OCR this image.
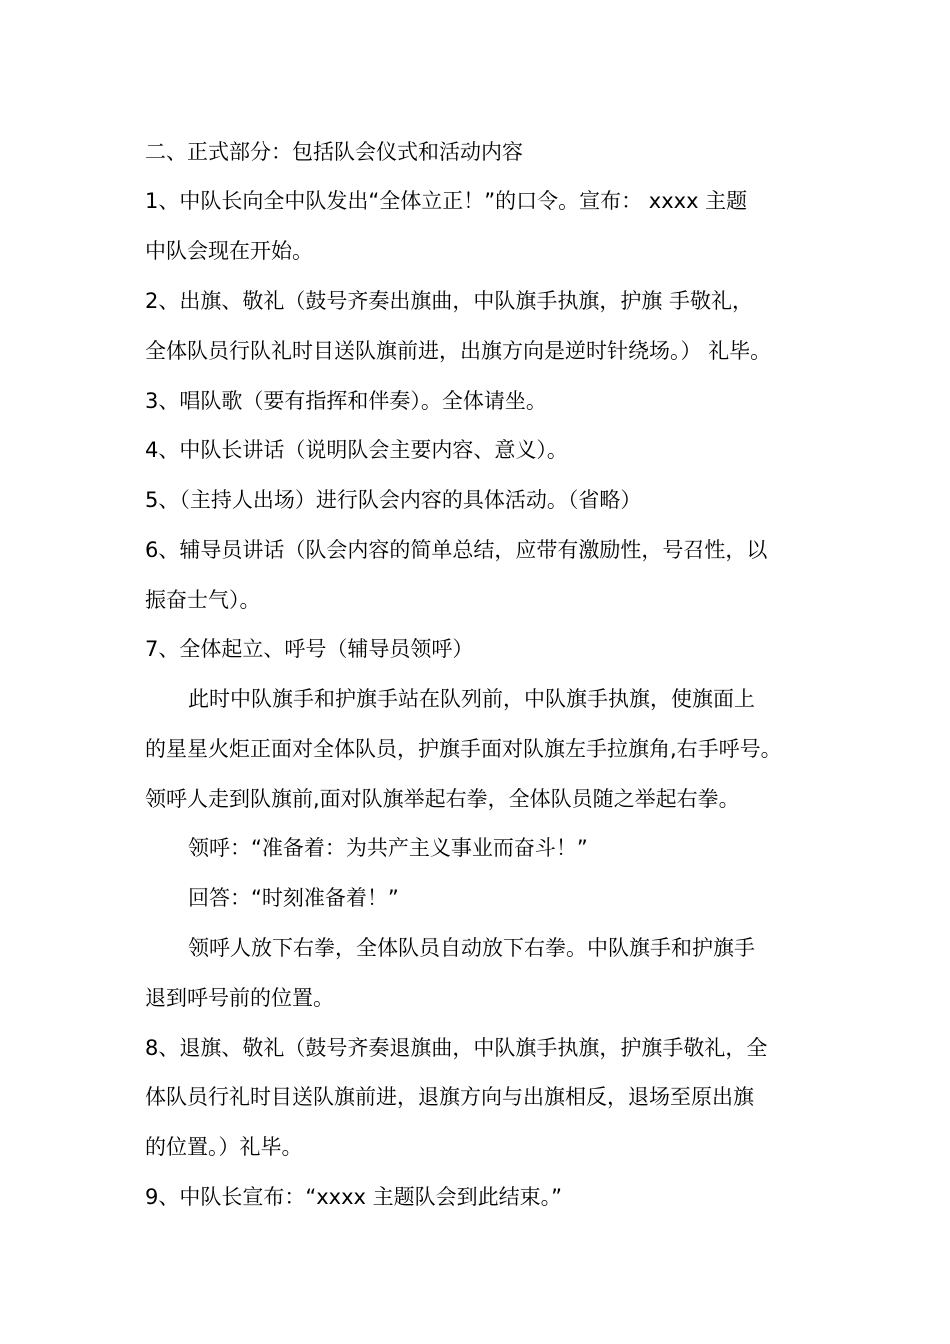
二、正式部分：包括队会仪式和活动内容
1、中队长向全中队发出“全体立正！”的口令。宣布： xxxx 主题
中队会现在开始。
2、出旗、敬礼（鼓号齐奏出旗曲，中队旗手执旗，护旗 手敬礼，
全体队员行队礼时目送队旗前进，出旗方向是逆时针绕场。） 礼毕。
3、唱队歌（要有指挥和伴奏）。全体请坐。
4、中队长讲话（说明队会主要内容、意义）。
5、（主持人出场）进行队会内容的具体活动。（省略）
6、辅导员讲话（队会内容的简单总结，应带有激励性，号召性，以
振奋士气）。
7、全体起立、呼号（辅导员领呼）
此时中队旗手和护旗手站在队列前，中队旗手执旗，使旗面上
的星星火炬正面对全体队员，护旗手面对队旗左手拉旗角,右手呼号。
领呼人走到队旗前,面对队旗举起右拳，全体队员随之举起右拳。
领呼：“准备着：为共产主义事业而奋斗！”
回答：“时刻准备着！”
领呼人放下右拳，全体队员自动放下右拳。中队旗手和护旗手
退到呼号前的位置。
8、退旗、敬礼（鼓号齐奏退旗曲，中队旗手执旗，护旗手敬礼，全
体队员行礼时目送队旗前进，退旗方向与出旗相反，退场至原出旗
的位置。）礼毕。
9、中队长宣布：“xxxx 主题队会到此结束。”
